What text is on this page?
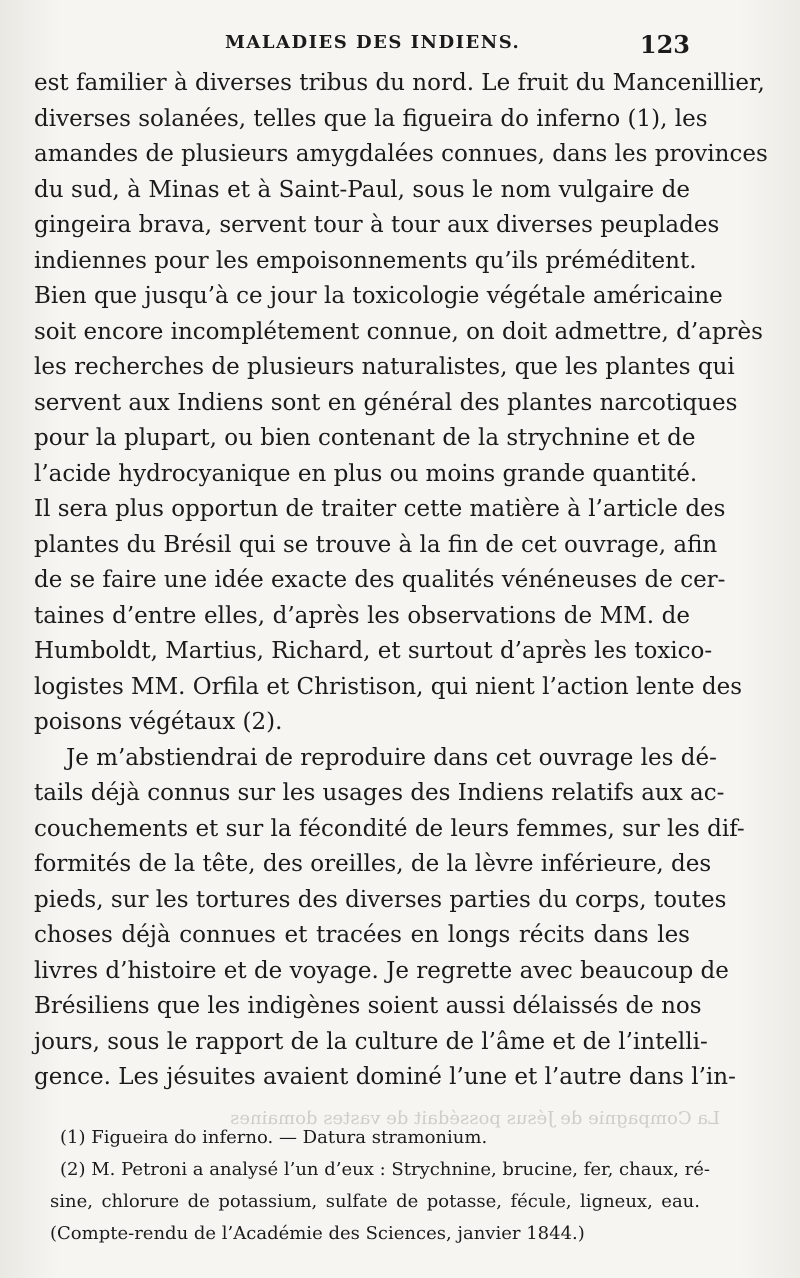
MALADIES DES INDIENS.	123
est familier à diverses tribus du nord. Le fruit du Mancenillier,
diverses solanées, telles que la figueira do inferno (1), les
amandes de plusieurs amygdalées connues, dans les provinces
du sud, à Minas et à Saint-Paul, sous le nom vulgaire de
gingeira brava, servent tour à tour aux diverses peuplades
indiennes pour les empoisonnements qu’ils préméditent.
Bien que jusqu’à ce jour la toxicologie végétale américaine
soit encore incomplétement connue, on doit admettre, d’après
les recherches de plusieurs naturalistes, que les plantes qui
servent aux Indiens sont en général des plantes narcotiques
pour la plupart, ou bien contenant de la strychnine et de
l’acide hydrocyanique en plus ou moins grande quantité.
Il sera plus opportun de traiter cette matière à l’article des
plantes du Brésil qui se trouve à la fin de cet ouvrage, afin
de se faire une idée exacte des qualités vénéneuses de cer-
taines d’entre elles, d’après les observations de MM. de
Humboldt, Martius, Richard, et surtout d’après les toxico-
logistes MM. Orfila et Christison, qui nient l’action lente des
poisons végétaux (2).
Je m’abstiendrai de reproduire dans cet ouvrage les dé-
tails déjà connus sur les usages des Indiens relatifs aux ac-
couchements et sur la fécondité de leurs femmes, sur les dif-
formités de la tête, des oreilles, de la lèvre inférieure, des
pieds, sur les tortures des diverses parties du corps, toutes
choses déjà connues et tracées en longs récits dans les
livres d’histoire et de voyage. Je regrette avec beaucoup de
Brésiliens que les indigènes soient aussi délaissés de nos
jours, sous le rapport de la culture de l’âme et de l’intelli-
gence. Les jésuites avaient dominé l’une et l’autre dans l’in-
La Compagnie de Jésus possédait de vastes domaines
(1) Figueira do inferno. — Datura stramonium.
(2) M. Petroni a analysé l’un d’eux : Strychnine, brucine, fer, chaux, ré-
sine, chlorure de potassium, sulfate de potasse, fécule, ligneux, eau.
(Compte-rendu de l’Académie des Sciences, janvier 1844.)
